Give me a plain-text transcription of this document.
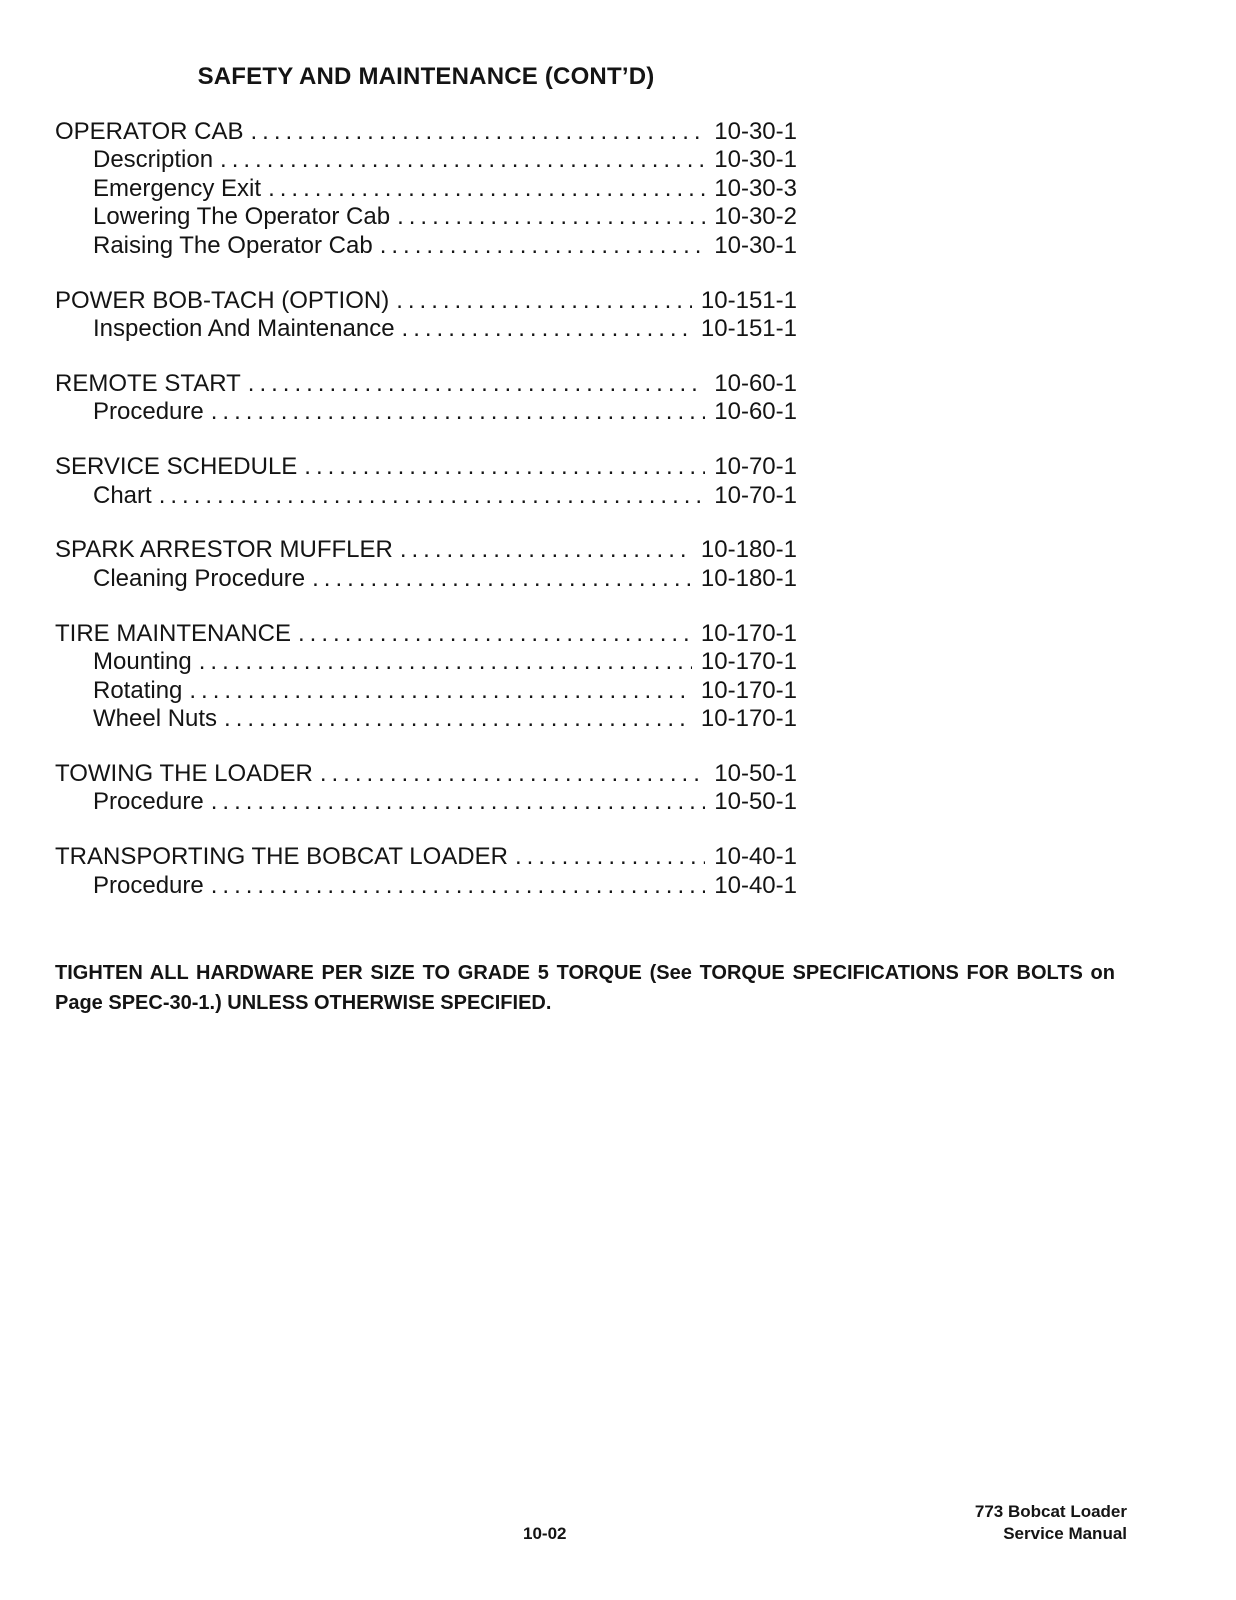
SAFETY AND MAINTENANCE (CONT’D)
OPERATOR CAB .....	10-30-1
Description .....	10-30-1
Emergency Exit .....	10-30-3
Lowering The Operator Cab .....	10-30-2
Raising The Operator Cab .....	10-30-1
POWER BOB-TACH (OPTION) .....	10-151-1
Inspection And Maintenance .....	10-151-1
REMOTE START .....	10-60-1
Procedure .....	10-60-1
SERVICE SCHEDULE .....	10-70-1
Chart .....	10-70-1
SPARK ARRESTOR MUFFLER .....	10-180-1
Cleaning Procedure .....	10-180-1
TIRE MAINTENANCE .....	10-170-1
Mounting .....	10-170-1
Rotating .....	10-170-1
Wheel Nuts .....	10-170-1
TOWING THE LOADER .....	10-50-1
Procedure .....	10-50-1
TRANSPORTING THE BOBCAT LOADER .....	10-40-1
Procedure .....	10-40-1
TIGHTEN ALL HARDWARE PER SIZE TO GRADE 5 TORQUE (See TORQUE SPECIFICATIONS FOR BOLTS on
Page SPEC-30-1.) UNLESS OTHERWISE SPECIFIED.
10-02
773 Bobcat Loader
Service Manual
